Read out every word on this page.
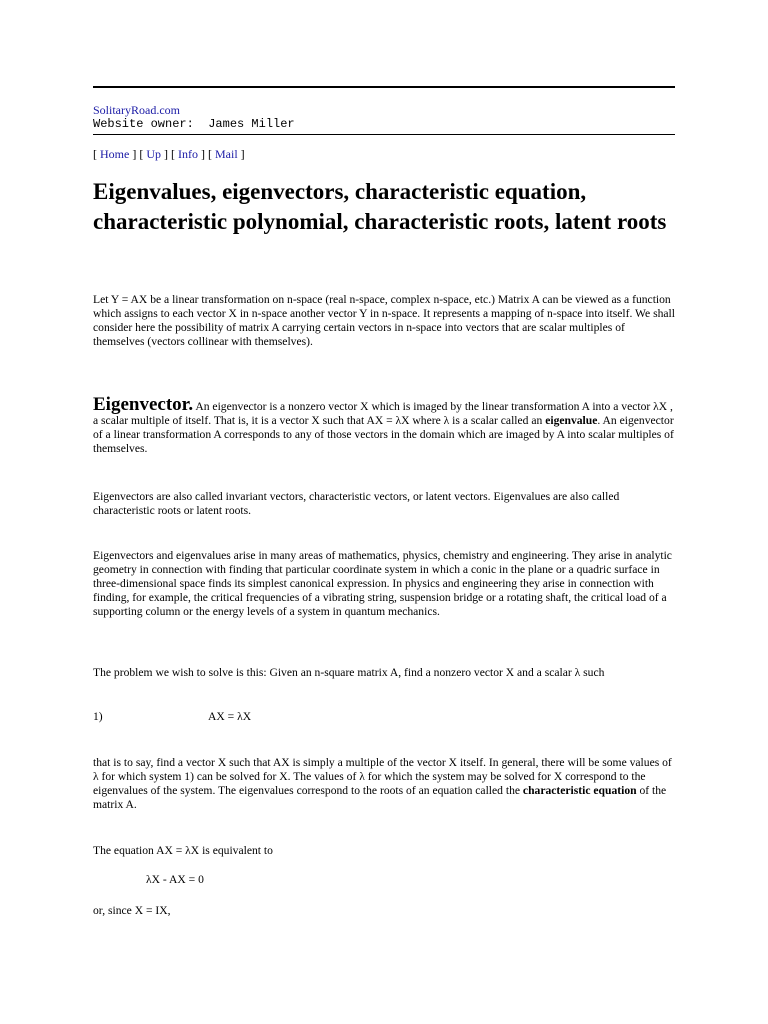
SolitaryRoad.com
Website owner:  James Miller
[ Home ] [ Up ] [ Info ] [ Mail ]
Eigenvalues, eigenvectors, characteristic equation, characteristic polynomial, characteristic roots, latent roots

Let Y = AX be a linear transformation on n-space (real n-space, complex n-space, etc.) Matrix A can be viewed as a function which assigns to each vector X in n-space another vector Y in n-space. It represents a mapping of n-space into itself. We shall consider here the possibility of matrix A carrying certain vectors in n-space into vectors that are scalar multiples of themselves (vectors collinear with themselves).

Eigenvector. An eigenvector is a nonzero vector X which is imaged by the linear transformation A into a vector λX , a scalar multiple of itself. That is, it is a vector X such that AX = λX where λ is a scalar called an eigenvalue. An eigenvector of a linear transformation A corresponds to any of those vectors in the domain which are imaged by A into scalar multiples of themselves.

Eigenvectors are also called invariant vectors, characteristic vectors, or latent vectors. Eigenvalues are also called characteristic roots or latent roots.

Eigenvectors and eigenvalues arise in many areas of mathematics, physics, chemistry and engineering. They arise in analytic geometry in connection with finding that particular coordinate system in which a conic in the plane or a quadric surface in three-dimensional space finds its simplest canonical expression. In physics and engineering they arise in connection with finding, for example, the critical frequencies of a vibrating string, suspension bridge or a rotating shaft, the critical load of a supporting column or the energy levels of a system in quantum mechanics.

The problem we wish to solve is this: Given an n-square matrix A, find a nonzero vector X and a scalar λ such

1)	AX = λX

that is to say, find a vector X such that AX is simply a multiple of the vector X itself. In general, there will be some values of λ for which system 1) can be solved for X. The values of λ for which the system may be solved for X correspond to the eigenvalues of the system. The eigenvalues correspond to the roots of an equation called the characteristic equation of the matrix A.

The equation AX = λX is equivalent to

λX - AX = 0

or, since X = IX,
